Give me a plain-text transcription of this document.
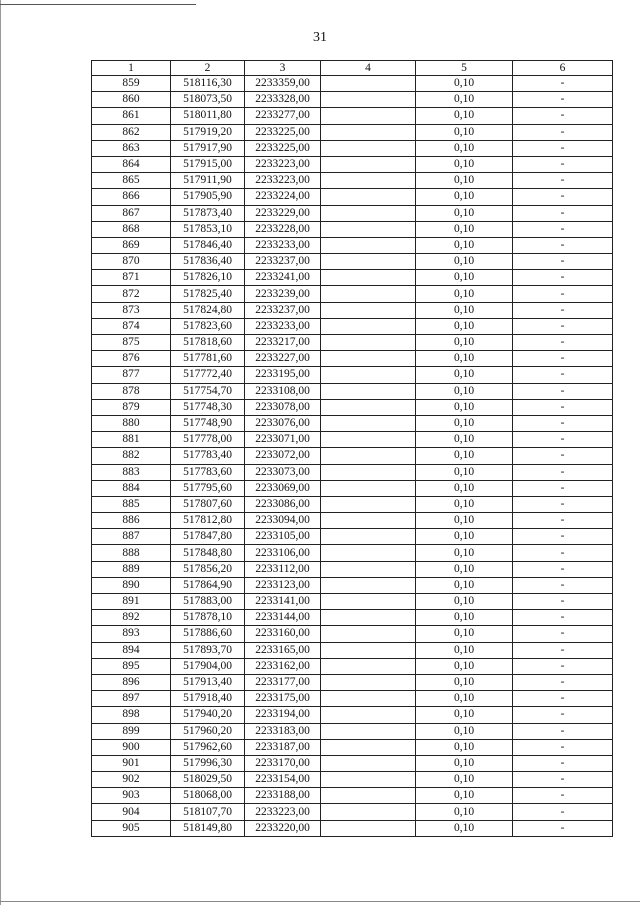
31
1	2	3	4	5	6
859	518116,30	2233359,00		0,10	-
860	518073,50	2233328,00		0,10	-
861	518011,80	2233277,00		0,10	-
862	517919,20	2233225,00		0,10	-
863	517917,90	2233225,00		0,10	-
864	517915,00	2233223,00		0,10	-
865	517911,90	2233223,00		0,10	-
866	517905,90	2233224,00		0,10	-
867	517873,40	2233229,00		0,10	-
868	517853,10	2233228,00		0,10	-
869	517846,40	2233233,00		0,10	-
870	517836,40	2233237,00		0,10	-
871	517826,10	2233241,00		0,10	-
872	517825,40	2233239,00		0,10	-
873	517824,80	2233237,00		0,10	-
874	517823,60	2233233,00		0,10	-
875	517818,60	2233217,00		0,10	-
876	517781,60	2233227,00		0,10	-
877	517772,40	2233195,00		0,10	-
878	517754,70	2233108,00		0,10	-
879	517748,30	2233078,00		0,10	-
880	517748,90	2233076,00		0,10	-
881	517778,00	2233071,00		0,10	-
882	517783,40	2233072,00		0,10	-
883	517783,60	2233073,00		0,10	-
884	517795,60	2233069,00		0,10	-
885	517807,60	2233086,00		0,10	-
886	517812,80	2233094,00		0,10	-
887	517847,80	2233105,00		0,10	-
888	517848,80	2233106,00		0,10	-
889	517856,20	2233112,00		0,10	-
890	517864,90	2233123,00		0,10	-
891	517883,00	2233141,00		0,10	-
892	517878,10	2233144,00		0,10	-
893	517886,60	2233160,00		0,10	-
894	517893,70	2233165,00		0,10	-
895	517904,00	2233162,00		0,10	-
896	517913,40	2233177,00		0,10	-
897	517918,40	2233175,00		0,10	-
898	517940,20	2233194,00		0,10	-
899	517960,20	2233183,00		0,10	-
900	517962,60	2233187,00		0,10	-
901	517996,30	2233170,00		0,10	-
902	518029,50	2233154,00		0,10	-
903	518068,00	2233188,00		0,10	-
904	518107,70	2233223,00		0,10	-
905	518149,80	2233220,00		0,10	-
